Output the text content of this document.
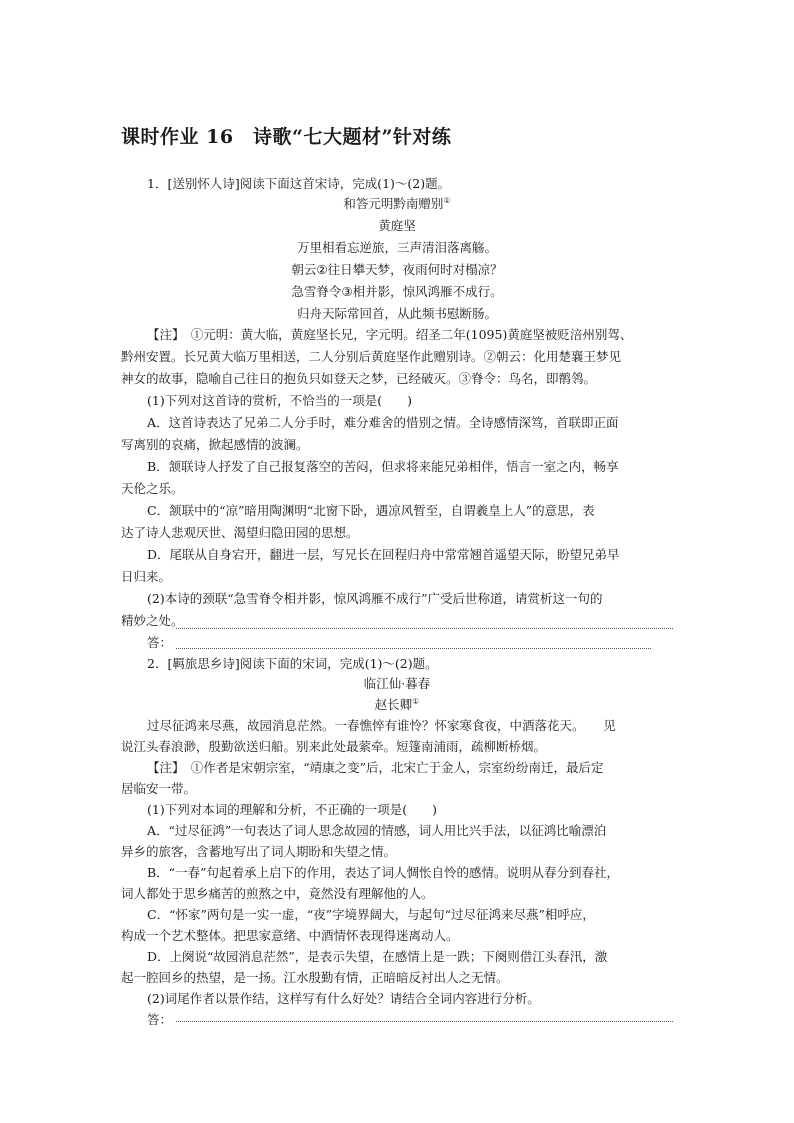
课时作业 16　诗歌“七大题材”针对练
1．[送别怀人诗]阅读下面这首宋诗，完成(1)～(2)题。
和答元明黔南赠别①
黄庭坚
万里相看忘逆旅，三声清泪落离觞。
朝云②往日攀天梦，夜雨何时对榻凉？
急雪脊令③相并影，惊风鸿雁不成行。
归舟天际常回首，从此频书慰断肠。
【注】　①元明：黄大临，黄庭坚长兄，字元明。绍圣二年(1095)黄庭坚被贬涪州别驾、
黔州安置。长兄黄大临万里相送，二人分别后黄庭坚作此赠别诗。②朝云：化用楚襄王梦见
神女的故事，隐喻自己往日的抱负只如登天之梦，已经破灭。③脊令：鸟名，即鹡鸰。
(1)下列对这首诗的赏析，不恰当的一项是(　　)
A．这首诗表达了兄弟二人分手时，难分难舍的惜别之情。全诗感情深笃，首联即正面
写离别的哀痛，掀起感情的波澜。
B．颔联诗人抒发了自己报复落空的苦闷，但求将来能兄弟相伴，悟言一室之内，畅享
天伦之乐。
C．颔联中的“凉”暗用陶渊明“北窗下卧，遇凉风暂至，自谓羲皇上人”的意思，表
达了诗人悲观厌世、渴望归隐田园的思想。
D．尾联从自身宕开，翻进一层，写兄长在回程归舟中常常翘首遥望天际，盼望兄弟早
日归来。
(2)本诗的颈联“急雪脊令相并影，惊风鸿雁不成行”广受后世称道，请赏析这一句的
精妙之处。
答：
2．[羁旅思乡诗]阅读下面的宋词，完成(1)～(2)题。
临江仙·暮春
赵长卿①
过尽征鸿来尽燕，故园消息茫然。一春憔悴有谁怜？怀家寒食夜，中酒落花天。　　见
说江头春浪渺，殷勤欲送归船。别来此处最萦牵。短篷南浦雨，疏柳断桥烟。
【注】　①作者是宋朝宗室，“靖康之变”后，北宋亡于金人，宗室纷纷南迁，最后定
居临安一带。
(1)下列对本词的理解和分析，不正确的一项是(　　)
A．“过尽征鸿”一句表达了词人思念故园的情感，词人用比兴手法，以征鸿比喻漂泊
异乡的旅客，含蓄地写出了词人期盼和失望之情。
B．“一春”句起着承上启下的作用，表达了词人惆怅自怜的感情。说明从春分到春社，
词人都处于思乡痛苦的煎熬之中，竟然没有理解他的人。
C．“怀家”两句是一实一虚，“夜”字境界阔大，与起句“过尽征鸿来尽燕”相呼应，
构成一个艺术整体。把思家意绪、中酒情怀表现得迷离动人。
D．上阕说“故园消息茫然”，是表示失望，在感情上是一跌；下阕则借江头春汛，激
起一腔回乡的热望，是一扬。江水殷勤有情，正暗暗反衬出人之无情。
(2)词尾作者以景作结，这样写有什么好处？请结合全词内容进行分析。
答：
